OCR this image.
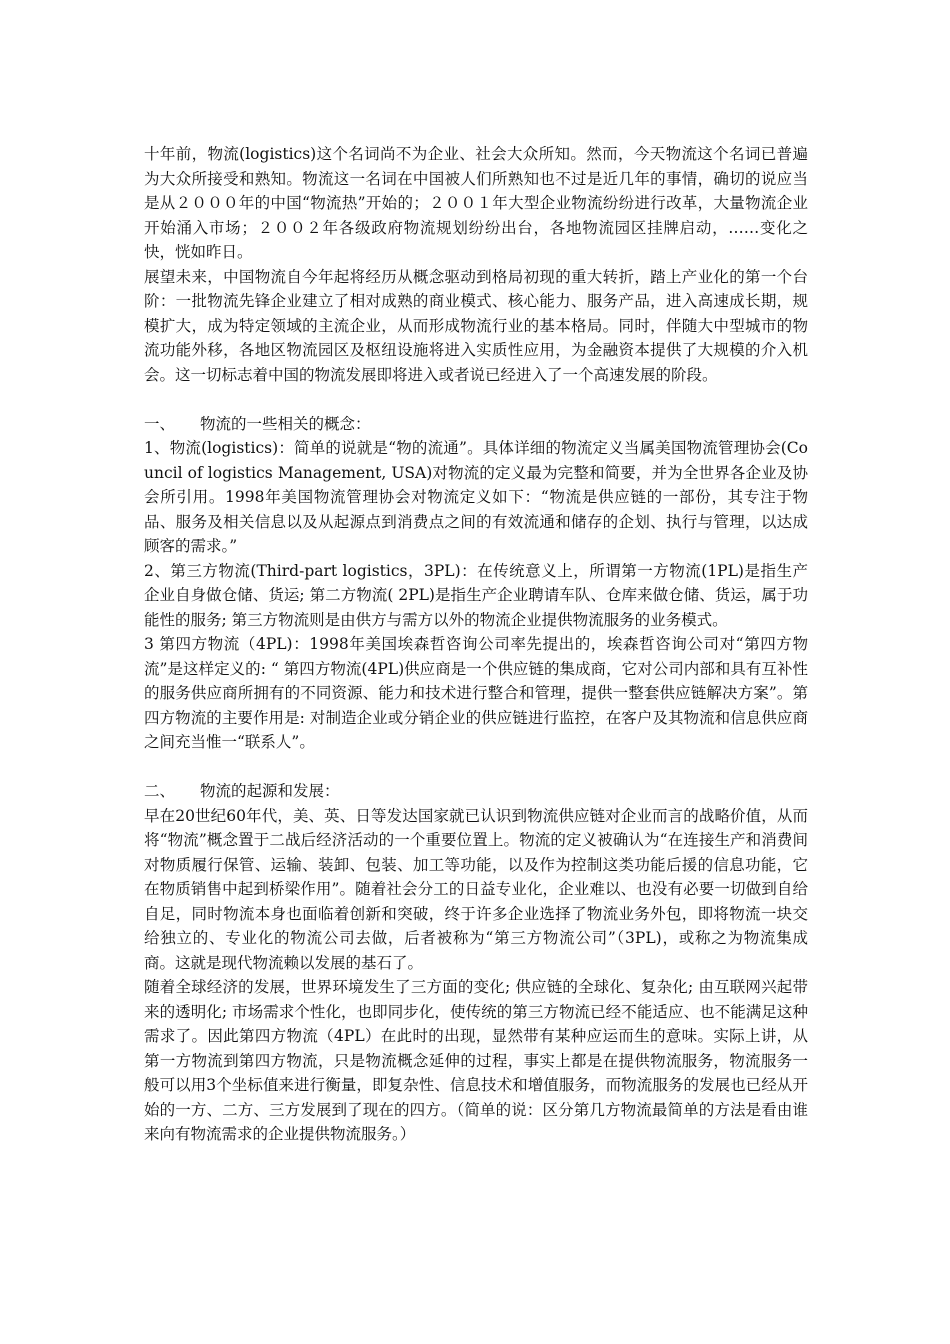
十年前，物流(logistics)这个名词尚不为企业、社会大众所知。然而，今天物流这个名词已普遍为大众所接受和熟知。物流这一名词在中国被人们所熟知也不过是近几年的事情，确切的说应当是从２０００年的中国“物流热”开始的；２００１年大型企业物流纷纷进行改革，大量物流企业开始涌入市场；２００２年各级政府物流规划纷纷出台，各地物流园区挂牌启动，……变化之快，恍如昨日。

展望未来，中国物流自今年起将经历从概念驱动到格局初现的重大转折，踏上产业化的第一个台阶：一批物流先锋企业建立了相对成熟的商业模式、核心能力、服务产品，进入高速成长期，规模扩大，成为特定领域的主流企业，从而形成物流行业的基本格局。同时，伴随大中型城市的物流功能外移，各地区物流园区及枢纽设施将进入实质性应用，为金融资本提供了大规模的介入机会。这一切标志着中国的物流发展即将进入或者说已经进入了一个高速发展的阶段。

一、 物流的一些相关的概念：

1、物流(logistics)：简单的说就是“物的流通”。具体详细的物流定义当属美国物流管理协会(Council of logistics Management, USA)对物流的定义最为完整和简要，并为全世界各企业及协会所引用。1998年美国物流管理协会对物流定义如下：“物流是供应链的一部份，其专注于物品、服务及相关信息以及从起源点到消费点之间的有效流通和储存的企划、执行与管理，以达成顾客的需求。”

2、第三方物流(Third-part logistics，3PL)：在传统意义上，所谓第一方物流(1PL)是指生产企业自身做仓储、货运; 第二方物流( 2PL)是指生产企业聘请车队、仓库来做仓储、货运，属于功能性的服务; 第三方物流则是由供方与需方以外的物流企业提供物流服务的业务模式。

3 第四方物流（4PL)：1998年美国埃森哲咨询公司率先提出的，埃森哲咨询公司对“第四方物流”是这样定义的: “ 第四方物流(4PL)供应商是一个供应链的集成商，它对公司内部和具有互补性的服务供应商所拥有的不同资源、能力和技术进行整合和管理，提供一整套供应链解决方案”。第四方物流的主要作用是: 对制造企业或分销企业的供应链进行监控，在客户及其物流和信息供应商之间充当惟一“联系人”。

二、 物流的起源和发展：

早在20世纪60年代，美、英、日等发达国家就已认识到物流供应链对企业而言的战略价值，从而将“物流”概念置于二战后经济活动的一个重要位置上。物流的定义被确认为“在连接生产和消费间对物质履行保管、运输、装卸、包装、加工等功能，以及作为控制这类功能后援的信息功能，它在物质销售中起到桥梁作用”。随着社会分工的日益专业化，企业难以、也没有必要一切做到自给自足，同时物流本身也面临着创新和突破，终于许多企业选择了物流业务外包，即将物流一块交给独立的、专业化的物流公司去做，后者被称为“第三方物流公司”（3PL)，或称之为物流集成商。这就是现代物流赖以发展的基石了。

随着全球经济的发展，世界环境发生了三方面的变化; 供应链的全球化、复杂化; 由互联网兴起带来的透明化; 市场需求个性化，也即同步化，使传统的第三方物流已经不能适应、也不能满足这种需求了。因此第四方物流（4PL）在此时的出现，显然带有某种应运而生的意味。实际上讲，从第一方物流到第四方物流，只是物流概念延伸的过程，事实上都是在提供物流服务，物流服务一般可以用3个坐标值来进行衡量，即复杂性、信息技术和增值服务，而物流服务的发展也已经从开始的一方、二方、三方发展到了现在的四方。（简单的说：区分第几方物流最简单的方法是看由谁来向有物流需求的企业提供物流服务。）
